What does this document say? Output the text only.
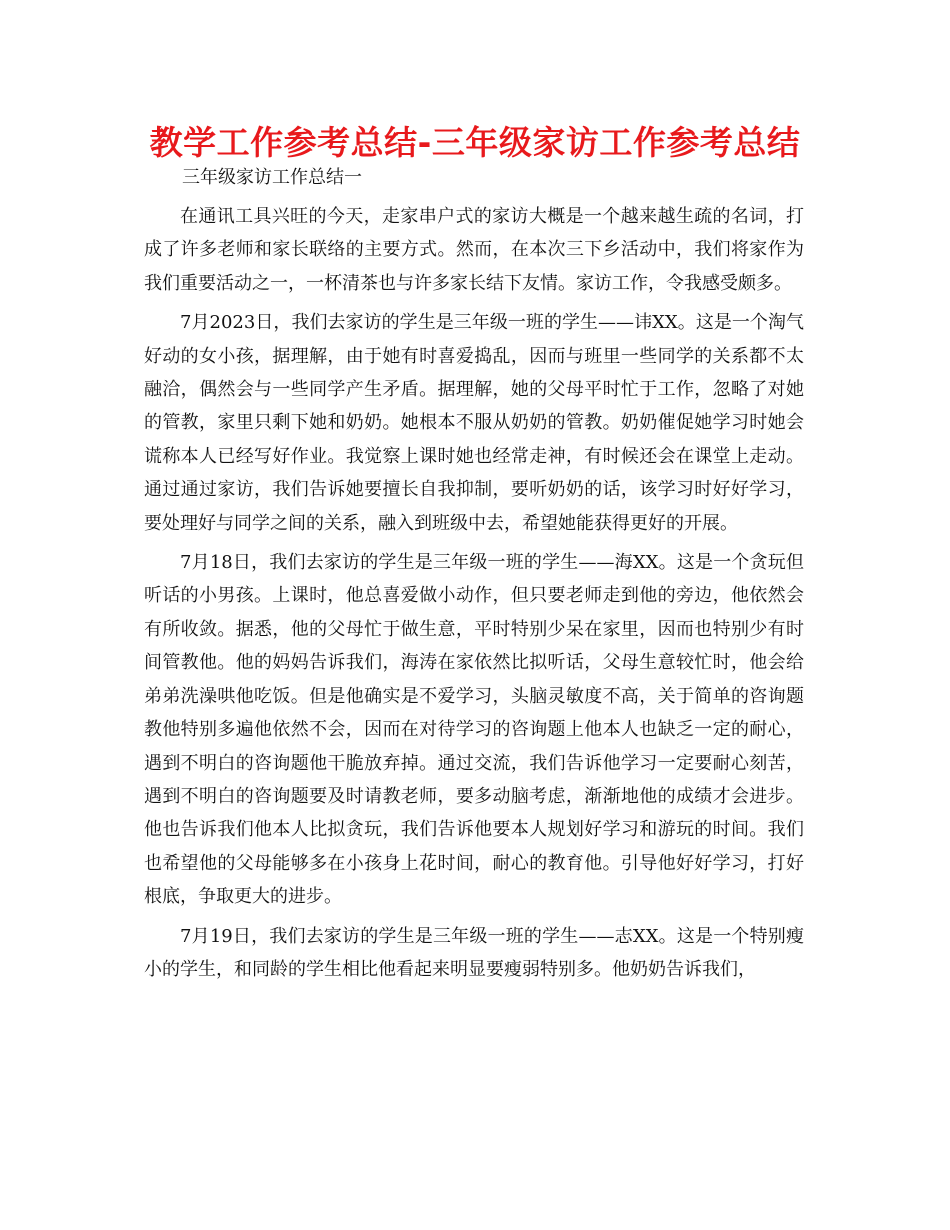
教学工作参考总结-三年级家访工作参考总结

三年级家访工作总结一

在通讯工具兴旺的今天，走家串户式的家访大概是一个越来越生疏的名词，打成了许多老师和家长联络的主要方式。然而，在本次三下乡活动中，我们将家作为我们重要活动之一，一杯清茶也与许多家长结下友情。家访工作，令我感受颇多。

7月2023日，我们去家访的学生是三年级一班的学生——讳XX。这是一个淘气好动的女小孩，据理解，由于她有时喜爱捣乱，因而与班里一些同学的关系都不太融洽，偶然会与一些同学产生矛盾。据理解，她的父母平时忙于工作，忽略了对她的管教，家里只剩下她和奶奶。她根本不服从奶奶的管教。奶奶催促她学习时她会谎称本人已经写好作业。我觉察上课时她也经常走神，有时候还会在课堂上走动。通过通过家访，我们告诉她要擅长自我抑制，要听奶奶的话，该学习时好好学习，要处理好与同学之间的关系，融入到班级中去，希望她能获得更好的开展。

7月18日，我们去家访的学生是三年级一班的学生——海XX。这是一个贪玩但听话的小男孩。上课时，他总喜爱做小动作，但只要老师走到他的旁边，他依然会有所收敛。据悉，他的父母忙于做生意，平时特别少呆在家里，因而也特别少有时间管教他。他的妈妈告诉我们，海涛在家依然比拟听话，父母生意较忙时，他会给弟弟洗澡哄他吃饭。但是他确实是不爱学习，头脑灵敏度不高，关于简单的咨询题教他特别多遍他依然不会，因而在对待学习的咨询题上他本人也缺乏一定的耐心，遇到不明白的咨询题他干脆放弃掉。通过交流，我们告诉他学习一定要耐心刻苦，遇到不明白的咨询题要及时请教老师，要多动脑考虑，渐渐地他的成绩才会进步。他也告诉我们他本人比拟贪玩，我们告诉他要本人规划好学习和游玩的时间。我们也希望他的父母能够多在小孩身上花时间，耐心的教育他。引导他好好学习，打好根底，争取更大的进步。

7月19日，我们去家访的学生是三年级一班的学生——志XX。这是一个特别瘦小的学生，和同龄的学生相比他看起来明显要瘦弱特别多。他奶奶告诉我们，
